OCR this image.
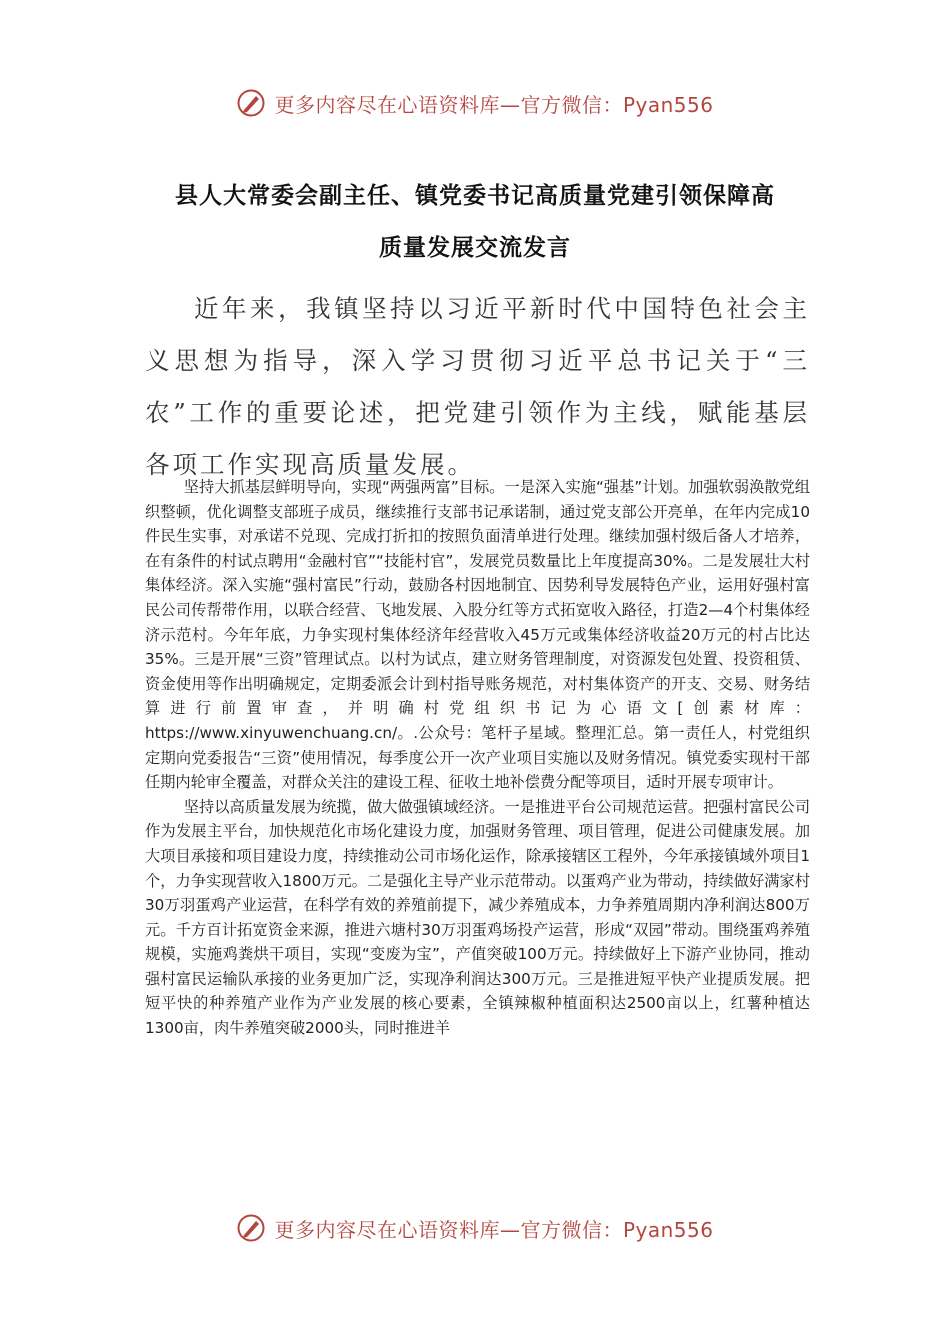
更多内容尽在心语资料库—官方微信：Pyan556
县人大常委会副主任、镇党委书记高质量党建引领保障高
质量发展交流发言

近年来，我镇坚持以习近平新时代中国特色社会主义思想为指导，深入学习贯彻习近平总书记关于“三农”工作的重要论述，把党建引领作为主线，赋能基层各项工作实现高质量发展。

坚持大抓基层鲜明导向，实现“两强两富”目标。一是深入实施“强基”计划。加强软弱涣散党组织整顿，优化调整支部班子成员，继续推行支部书记承诺制，通过党支部公开亮单，在年内完成10件民生实事，对承诺不兑现、完成打折扣的按照负面清单进行处理。继续加强村级后备人才培养，在有条件的村试点聘用“金融村官”“技能村官”，发展党员数量比上年度提高30%。二是发展壮大村集体经济。深入实施“强村富民”行动，鼓励各村因地制宜、因势利导发展特色产业，运用好强村富民公司传帮带作用，以联合经营、飞地发展、入股分红等方式拓宽收入路径，打造2—4个村集体经济示范村。今年年底，力争实现村集体经济年经营收入45万元或集体经济收益20万元的村占比达35%。三是开展“三资”管理试点。以村为试点，建立财务管理制度，对资源发包处置、投资租赁、资金使用等作出明确规定，定期委派会计到村指导账务规范，对村集体资产的开支、交易、财务结算进行前置审查，并明确村党组织书记为心语文[创素材库：https://www.xinyuwenchuang.cn/。.公众号：笔杆子星域。整理汇总。第一责任人，村党组织定期向党委报告“三资”使用情况，每季度公开一次产业项目实施以及财务情况。镇党委实现村干部任期内轮审全覆盖，对群众关注的建设工程、征收土地补偿费分配等项目，适时开展专项审计。

坚持以高质量发展为统揽，做大做强镇域经济。一是推进平台公司规范运营。把强村富民公司作为发展主平台，加快规范化市场化建设力度，加强财务管理、项目管理，促进公司健康发展。加大项目承接和项目建设力度，持续推动公司市场化运作，除承接辖区工程外，今年承接镇域外项目1个，力争实现营收入1800万元。二是强化主导产业示范带动。以蛋鸡产业为带动，持续做好满家村30万羽蛋鸡产业运营，在科学有效的养殖前提下，减少养殖成本，力争养殖周期内净利润达800万元。千方百计拓宽资金来源，推进六塘村30万羽蛋鸡场投产运营，形成“双园”带动。围绕蛋鸡养殖规模，实施鸡粪烘干项目，实现“变废为宝”，产值突破100万元。持续做好上下游产业协同，推动强村富民运输队承接的业务更加广泛，实现净利润达300万元。三是推进短平快产业提质发展。把短平快的种养殖产业作为产业发展的核心要素，全镇辣椒种植面积达2500亩以上，红薯种植达1300亩，肉牛养殖突破2000头，同时推进羊

更多内容尽在心语资料库—官方微信：Pyan556
